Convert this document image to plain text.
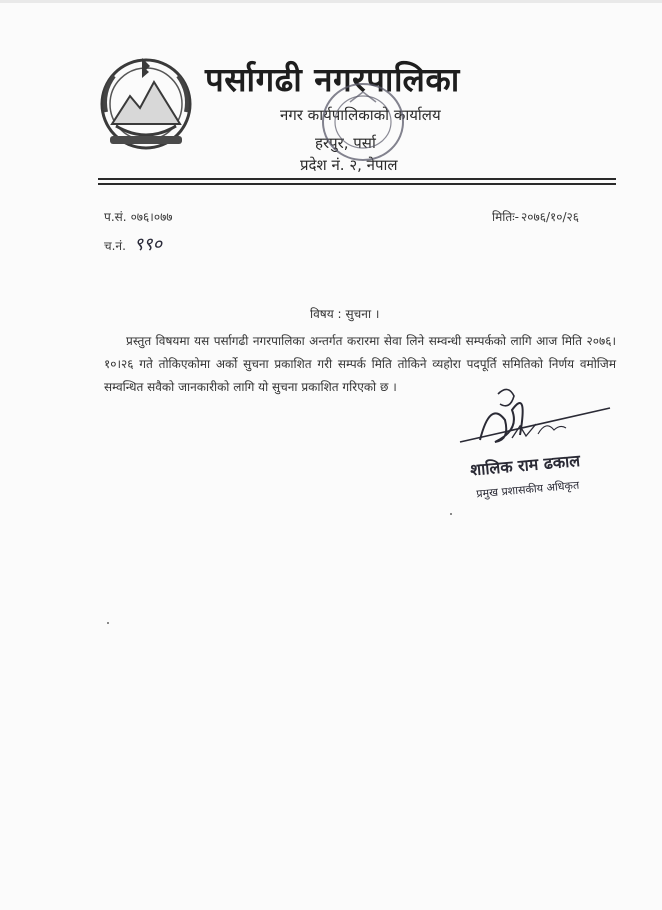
पर्सागढी नगरपालिका
नगर कार्यपालिकाको कार्यालय
हरपुर, पर्सा
प्रदेश नं. २, नेपाल
प.सं. ०७६।०७७
च.नं. ९९०
मितिः- २०७६/१०/२६
विषय : सुचना ।
प्रस्तुत विषयमा यस पर्सागढी नगरपालिका अन्तर्गत करारमा सेवा लिने सम्वन्धी सम्पर्कको लागि आज मिति २०७६।१०।२६ गते तोकिएकोमा अर्को सुचना प्रकाशित गरी सम्पर्क मिति तोकिने व्यहोरा पदपूर्ति समितिको निर्णय वमोजिम सम्वन्धित सवैको जानकारीको लागि यो सुचना प्रकाशित गरिएको छ ।
शालिक राम ढकाल
प्रमुख प्रशासकीय अधिकृत
